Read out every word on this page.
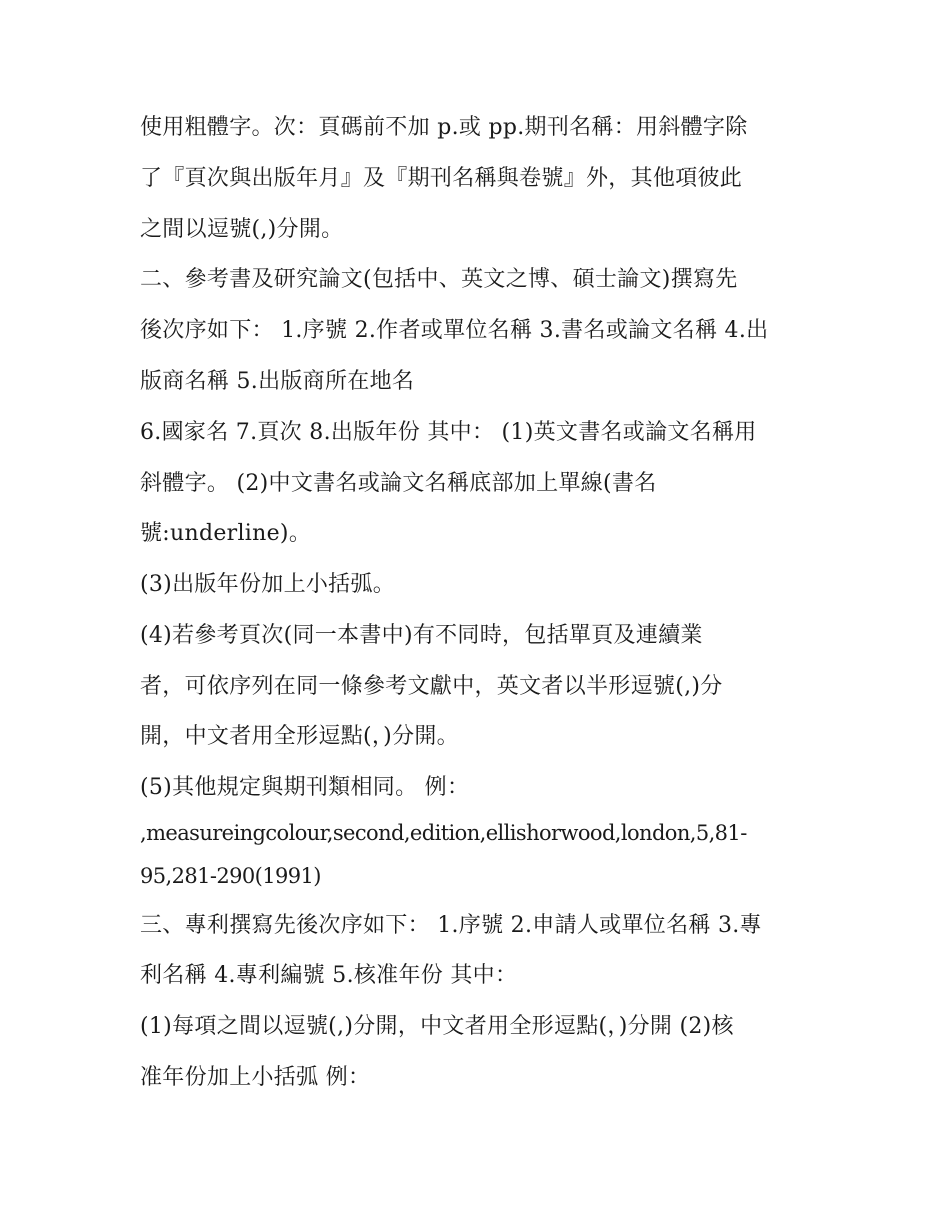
使用粗體字。次：頁碼前不加 p.或 pp.期刊名稱：用斜體字除
了『頁次與出版年月』及『期刊名稱與卷號』外，其他項彼此
之間以逗號(,)分開。
二、參考書及研究論文(包括中、英文之博、碩士論文)撰寫先
後次序如下： 1.序號 2.作者或單位名稱 3.書名或論文名稱 4.出
版商名稱 5.出版商所在地名
6.國家名 7.頁次 8.出版年份 其中： (1)英文書名或論文名稱用
斜體字。 (2)中文書名或論文名稱底部加上單線(書名
號:underline)。
(3)出版年份加上小括弧。
(4)若參考頁次(同一本書中)有不同時，包括單頁及連續業
者，可依序列在同一條參考文獻中，英文者以半形逗號(,)分
開，中文者用全形逗點(，)分開。
(5)其他規定與期刊類相同。 例：
,measureingcolour,second,edition,ellishorwood,london,5,81-
95,281-290(1991)
三、專利撰寫先後次序如下： 1.序號 2.申請人或單位名稱 3.專
利名稱 4.專利編號 5.核准年份 其中：
(1)每項之間以逗號(,)分開，中文者用全形逗點(，)分開 (2)核
准年份加上小括弧 例：
